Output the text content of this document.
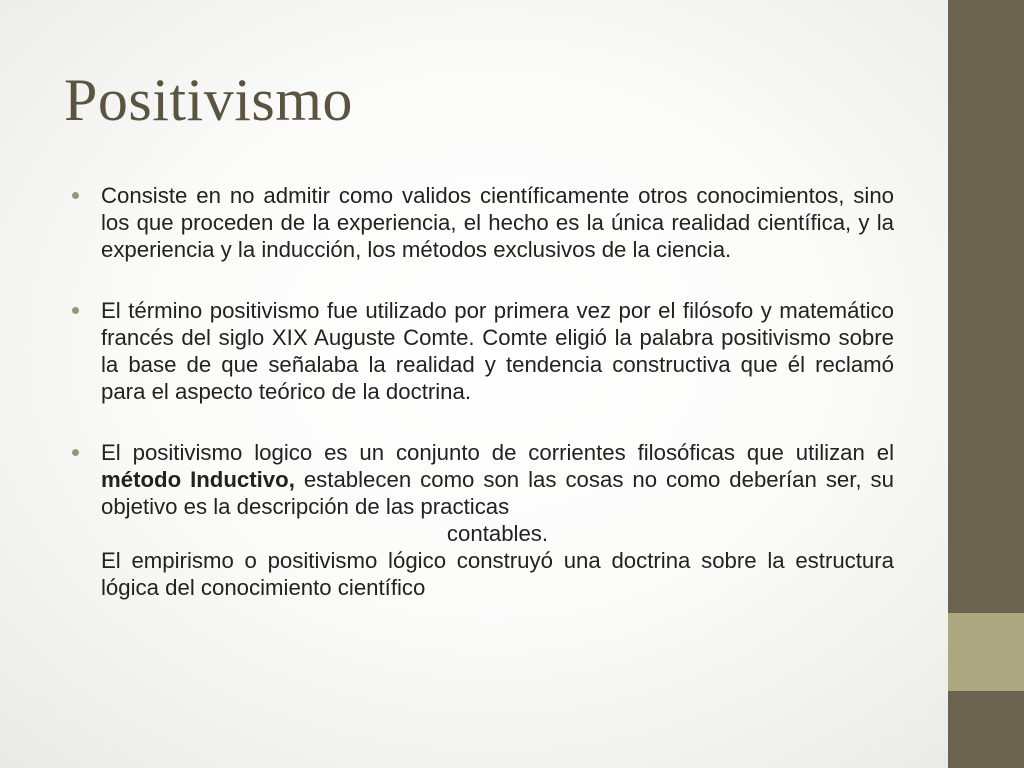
Positivismo
Consiste en no admitir como validos científicamente otros conocimientos, sino los que proceden de la experiencia, el hecho es la única realidad científica, y la experiencia y la inducción, los métodos exclusivos de la ciencia.
El término positivismo fue utilizado por primera vez por el filósofo y matemático francés del siglo XIX Auguste Comte. Comte eligió la palabra positivismo sobre la base de que señalaba la realidad y tendencia constructiva que él reclamó para el aspecto teórico de la doctrina.
El positivismo logico es un conjunto de corrientes filosóficas que utilizan el método Inductivo, establecen como son las cosas no como deberían ser, su objetivo es la descripción de las practicas
contables.
El empirismo o positivismo lógico construyó una doctrina sobre la estructura lógica del conocimiento científico
